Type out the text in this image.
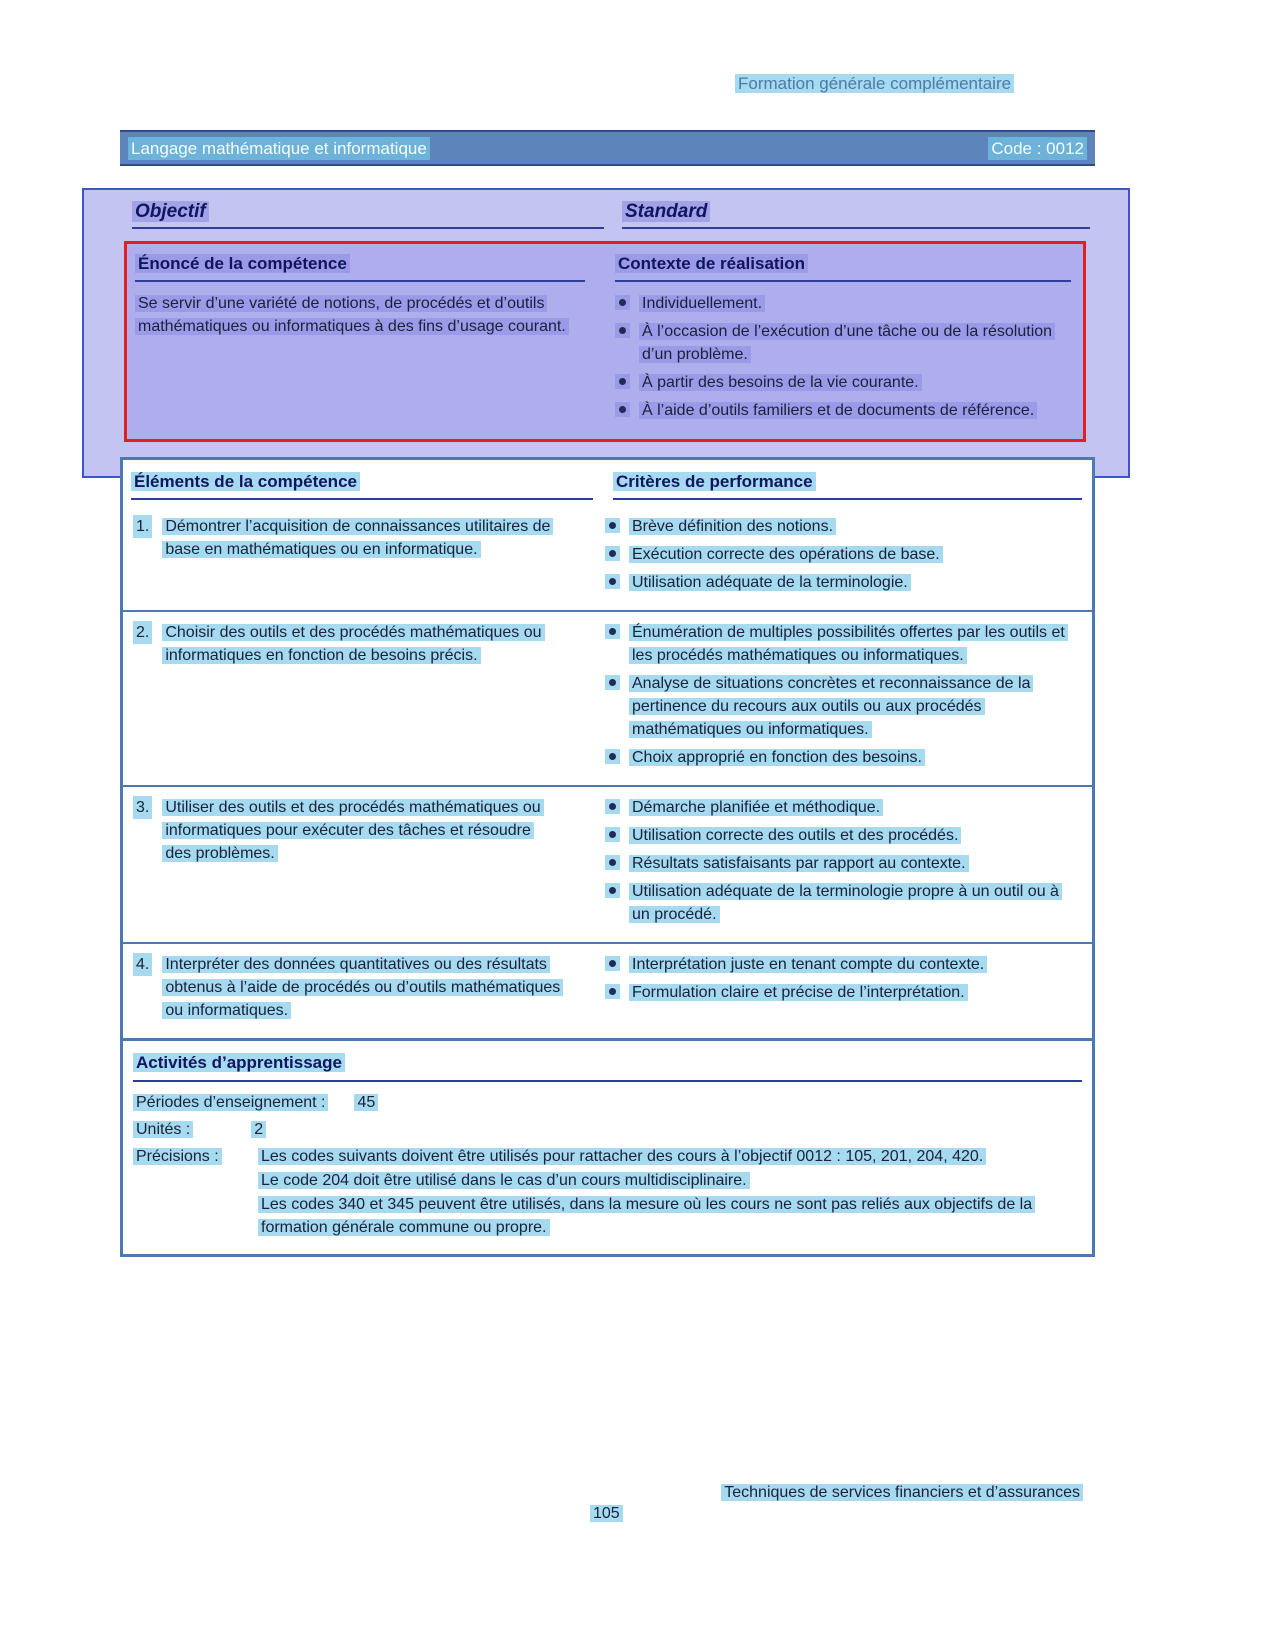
Formation générale complémentaire
Langage mathématique et informatique	Code : 0012
Objectif	Standard
Énoncé de la compétence

Se servir d’une variété de notions, de procédés et d’outils mathématiques ou informatiques à des fins d’usage courant.

Contexte de réalisation
Individuellement.
À l’occasion de l’exécution d’une tâche ou de la résolution d’un problème.
À partir des besoins de la vie courante.
À l’aide d’outils familiers et de documents de référence.
Éléments de la compétence	Critères de performance
1. Démontrer l’acquisition de connaissances utilitaires de base en mathématiques ou en informatique.
Brève définition des notions.
Exécution correcte des opérations de base.
Utilisation adéquate de la terminologie.
2. Choisir des outils et des procédés mathématiques ou informatiques en fonction de besoins précis.
Énumération de multiples possibilités offertes par les outils et les procédés mathématiques ou informatiques.
Analyse de situations concrètes et reconnaissance de la pertinence du recours aux outils ou aux procédés mathématiques ou informatiques.
Choix approprié en fonction des besoins.
3. Utiliser des outils et des procédés mathématiques ou informatiques pour exécuter des tâches et résoudre des problèmes.
Démarche planifiée et méthodique.
Utilisation correcte des outils et des procédés.
Résultats satisfaisants par rapport au contexte.
Utilisation adéquate de la terminologie propre à un outil ou à un procédé.
4. Interpréter des données quantitatives ou des résultats obtenus à l’aide de procédés ou d’outils mathématiques ou informatiques.
Interprétation juste en tenant compte du contexte.
Formulation claire et précise de l’interprétation.
Activités d’apprentissage
Périodes d’enseignement : 45
Unités :	2
Précisions :	Les codes suivants doivent être utilisés pour rattacher des cours à l’objectif 0012 : 105, 201, 204, 420.

Le code 204 doit être utilisé dans le cas d’un cours multidisciplinaire.

Les codes 340 et 345 peuvent être utilisés, dans la mesure où les cours ne sont pas reliés aux objectifs de la formation générale commune ou propre.

Techniques de services financiers et d’assurances
105
